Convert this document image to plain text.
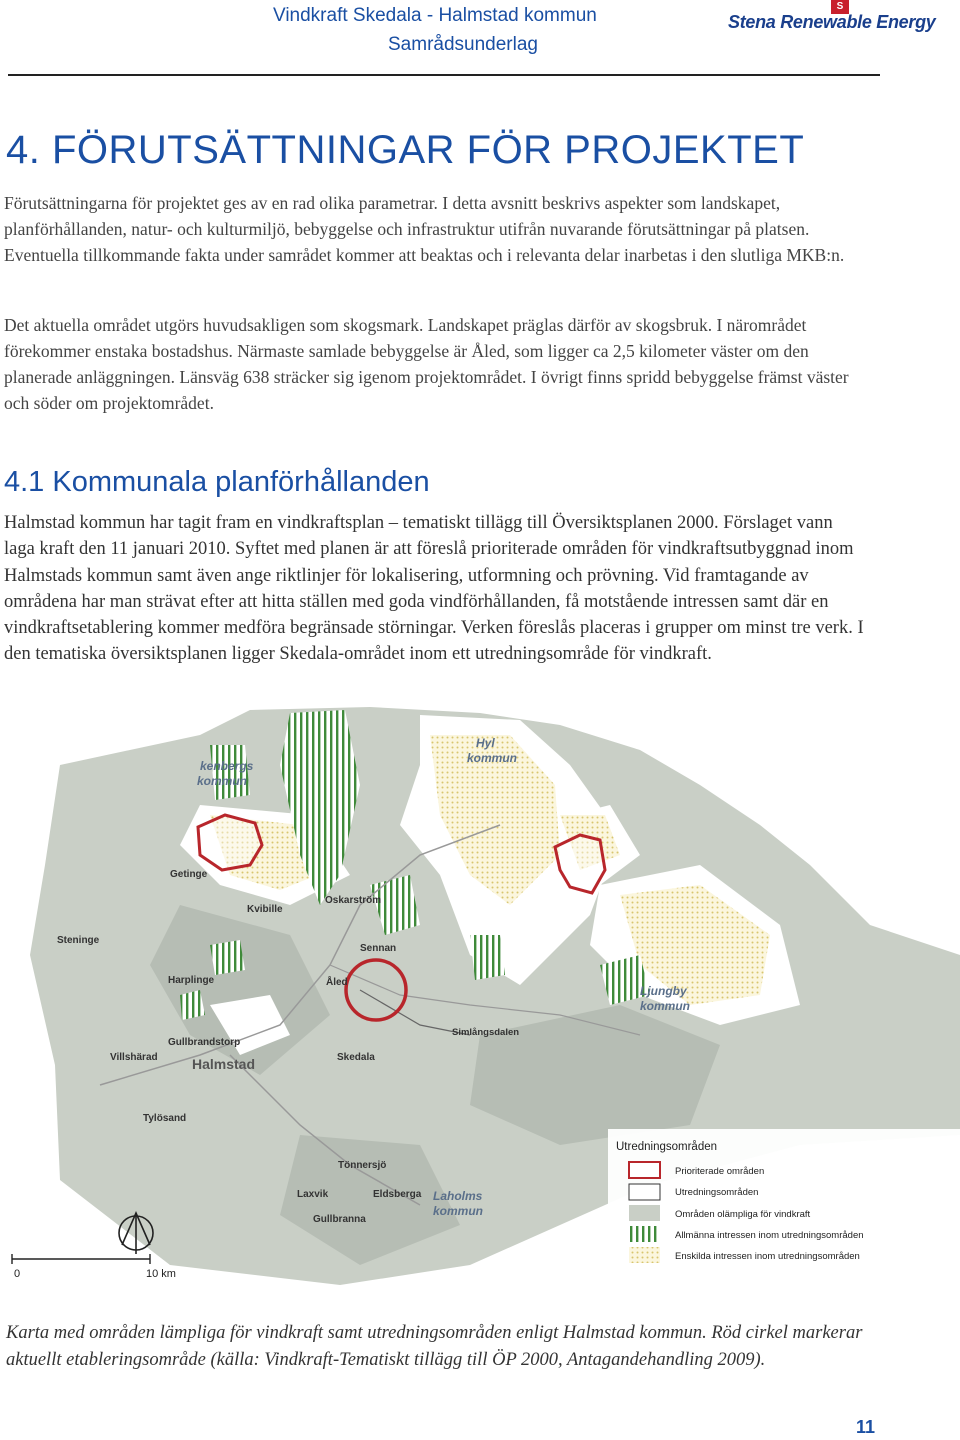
Vindkraft Skedala - Halmstad kommun
Samrådsunderlag
S
Stena Renewable Energy
4. FÖRUTSÄTTNINGAR FÖR PROJEKTET

Förutsättningarna för projektet ges av en rad olika parametrar. I detta avsnitt beskrivs aspekter som landskapet, planförhållanden, natur- och kulturmiljö, bebyggelse och infrastruktur utifrån nuvarande förutsättningar på platsen. Eventuella tillkommande fakta under samrådet kommer att beaktas och i relevanta delar inarbetas i den slutliga MKB:n.

Det aktuella området utgörs huvudsakligen som skogsmark. Landskapet präglas därför av skogsbruk. I närområdet förekommer enstaka bostadshus. Närmaste samlade bebyggelse är Åled, som ligger ca 2,5 kilometer väster om den planerade anläggningen. Länsväg 638 sträcker sig igenom projektområdet. I övrigt finns spridd bebyggelse främst väster och söder om projektområdet.

4.1 Kommunala planförhållanden

Halmstad kommun har tagit fram en vindkraftsplan – tematiskt tillägg till Översiktsplanen 2000. Förslaget vann laga kraft den 11 januari 2010. Syftet med planen är att föreslå prioriterade områden för vindkraftsutbyggnad inom Halmstads kommun samt även ange riktlinjer för lokalisering, utformning och prövning. Vid framtagande av områdena har man strävat efter att hitta ställen med goda vindförhållanden, få motstående intressen samt där en vindkraftsetablering kommer medföra begränsade störningar. Verken föreslås placeras i grupper om minst tre verk. I den tematiska översiktsplanen ligger Skedala-området inom ett utredningsområde för vindkraft.

kenbergs
kommun
Hyl
kommun
Getinge
Oskarström
Kvibille
Steninge
Sennan
Harplinge	Åled
Ljungby
kommun
Simlångsdalen
Gullbrandstorp
Villshärad	Skedala
Halmstad
Tylösand
Tönnersjö
Laxvik	Eldsberga Laholms
kommun
Gullbranna
0	10 km
Utredningsområden
Prioriterade områden
Utredningsområden
Områden olämpliga för vindkraft
Allmänna intressen inom utredningsområden
Enskilda intressen inom utredningsområden

Karta med områden lämpliga för vindkraft samt utredningsområden enligt Halmstad kommun. Röd cirkel markerar aktuellt etableringsområde (källa: Vindkraft-Tematiskt tillägg till ÖP 2000, Antagandehandling 2009).

11
